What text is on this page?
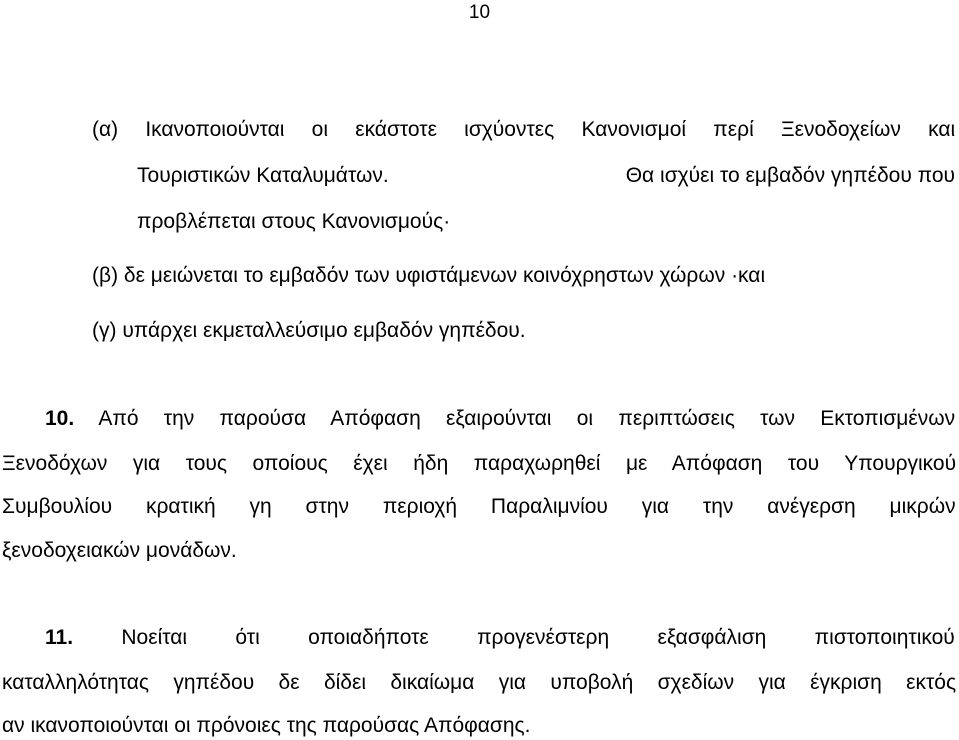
10
(α) Ικανοποιούνται οι εκάστοτε ισχύοντες Κανονισμοί περί Ξενοδοχείων και
Τουριστικών Καταλυμάτων.	Θα ισχύει το εμβαδόν γηπέδου που
προβλέπεται στους Κανονισμούς·
(β) δε μειώνεται το εμβαδόν των υφιστάμενων κοινόχρηστων χώρων ·και
(γ) υπάρχει εκμεταλλεύσιμο εμβαδόν γηπέδου.
10. Από την παρούσα Απόφαση εξαιρούνται οι περιπτώσεις των Εκτοπισμένων
Ξενοδόχων για τους οποίους έχει ήδη παραχωρηθεί με Απόφαση του Υπουργικού
Συμβουλίου κρατική γη στην περιοχή Παραλιμνίου για την ανέγερση μικρών
ξενοδοχειακών μονάδων.
11. Νοείται ότι οποιαδήποτε προγενέστερη εξασφάλιση πιστοποιητικού
καταλληλότητας γηπέδου δε δίδει δικαίωμα για υποβολή σχεδίων για έγκριση εκτός
αν ικανοποιούνται οι πρόνοιες της παρούσας Απόφασης.
